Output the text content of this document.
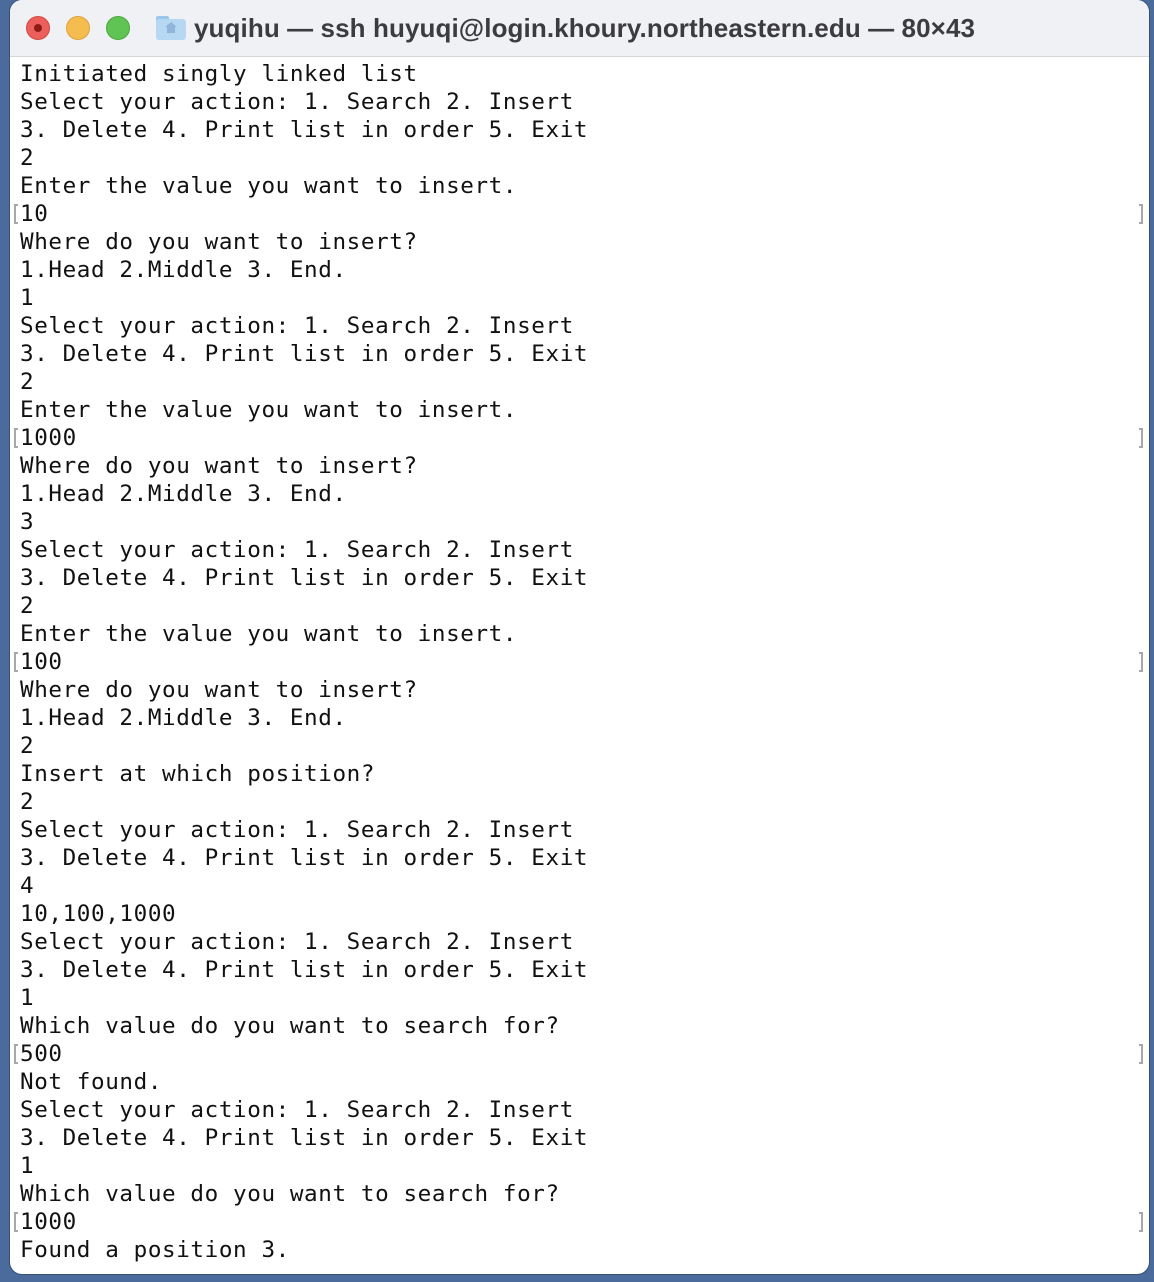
yuqihu — ssh huyuqi@login.khoury.northeastern.edu — 80×43
Initiated singly linked list
Select your action: 1. Search 2. Insert
3. Delete 4. Print list in order 5. Exit
2
Enter the value you want to insert.
10
Where do you want to insert?
1.Head 2.Middle 3. End.
1
Select your action: 1. Search 2. Insert
3. Delete 4. Print list in order 5. Exit
2
Enter the value you want to insert.
1000
Where do you want to insert?
1.Head 2.Middle 3. End.
3
Select your action: 1. Search 2. Insert
3. Delete 4. Print list in order 5. Exit
2
Enter the value you want to insert.
100
Where do you want to insert?
1.Head 2.Middle 3. End.
2
Insert at which position?
2
Select your action: 1. Search 2. Insert
3. Delete 4. Print list in order 5. Exit
4
10,100,1000
Select your action: 1. Search 2. Insert
3. Delete 4. Print list in order 5. Exit
1
Which value do you want to search for?
500
Not found.
Select your action: 1. Search 2. Insert
3. Delete 4. Print list in order 5. Exit
1
Which value do you want to search for?
1000
Found a position 3.
